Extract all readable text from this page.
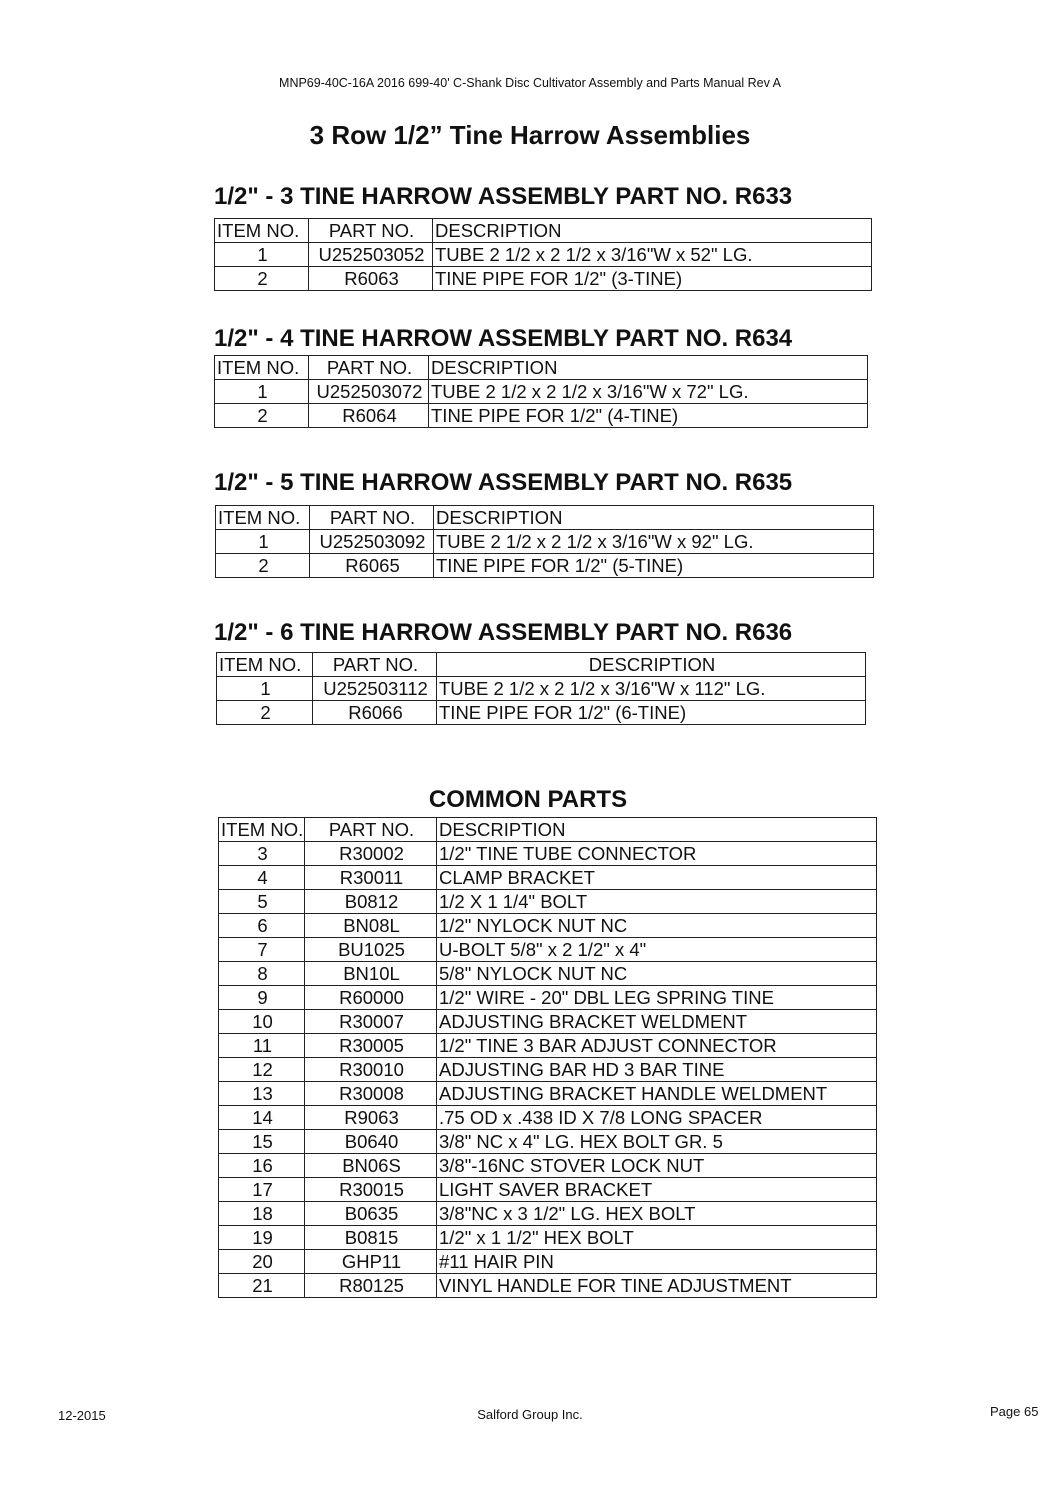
MNP69-40C-16A 2016 699-40' C-Shank Disc Cultivator Assembly and Parts Manual Rev A
3 Row 1/2” Tine Harrow Assemblies
1/2" - 3 TINE HARROW ASSEMBLY PART NO. R633
ITEM NO.	PART NO.	DESCRIPTION
1	U252503052	TUBE 2 1/2 x 2 1/2 x 3/16"W x 52" LG.
2	R6063	TINE PIPE FOR 1/2" (3-TINE)
1/2" - 4 TINE HARROW ASSEMBLY PART NO. R634
ITEM NO.	PART NO.	DESCRIPTION
1	U252503072	TUBE 2 1/2 x 2 1/2 x 3/16"W x 72" LG.
2	R6064	TINE PIPE FOR 1/2" (4-TINE)
1/2" - 5 TINE HARROW ASSEMBLY PART NO. R635
ITEM NO.	PART NO.	DESCRIPTION
1	U252503092	TUBE 2 1/2 x 2 1/2 x 3/16"W x 92" LG.
2	R6065	TINE PIPE FOR 1/2" (5-TINE)
1/2" - 6 TINE HARROW ASSEMBLY PART NO. R636
ITEM NO.	PART NO.	DESCRIPTION
1	U252503112	TUBE 2 1/2 x 2 1/2 x 3/16"W x 112" LG.
2	R6066	TINE PIPE FOR 1/2" (6-TINE)
COMMON PARTS
ITEM NO.	PART NO.	DESCRIPTION
3	R30002	1/2" TINE TUBE CONNECTOR
4	R30011	CLAMP BRACKET
5	B0812	1/2 X 1 1/4" BOLT
6	BN08L	1/2" NYLOCK NUT NC
7	BU1025	U-BOLT 5/8" x 2 1/2" x 4"
8	BN10L	5/8" NYLOCK NUT NC
9	R60000	1/2" WIRE - 20" DBL LEG SPRING TINE
10	R30007	ADJUSTING BRACKET WELDMENT
11	R30005	1/2" TINE 3 BAR ADJUST CONNECTOR
12	R30010	ADJUSTING BAR HD 3 BAR TINE
13	R30008	ADJUSTING BRACKET HANDLE WELDMENT
14	R9063	.75 OD x .438 ID X 7/8 LONG SPACER
15	B0640	3/8" NC x 4" LG. HEX BOLT GR. 5
16	BN06S	3/8"-16NC STOVER LOCK NUT
17	R30015	LIGHT SAVER BRACKET
18	B0635	3/8"NC x 3 1/2" LG. HEX BOLT
19	B0815	1/2" x 1 1/2" HEX BOLT
20	GHP11	#11 HAIR PIN
21	R80125	VINYL HANDLE FOR TINE ADJUSTMENT
12-2015	Salford Group Inc.	Page 65
